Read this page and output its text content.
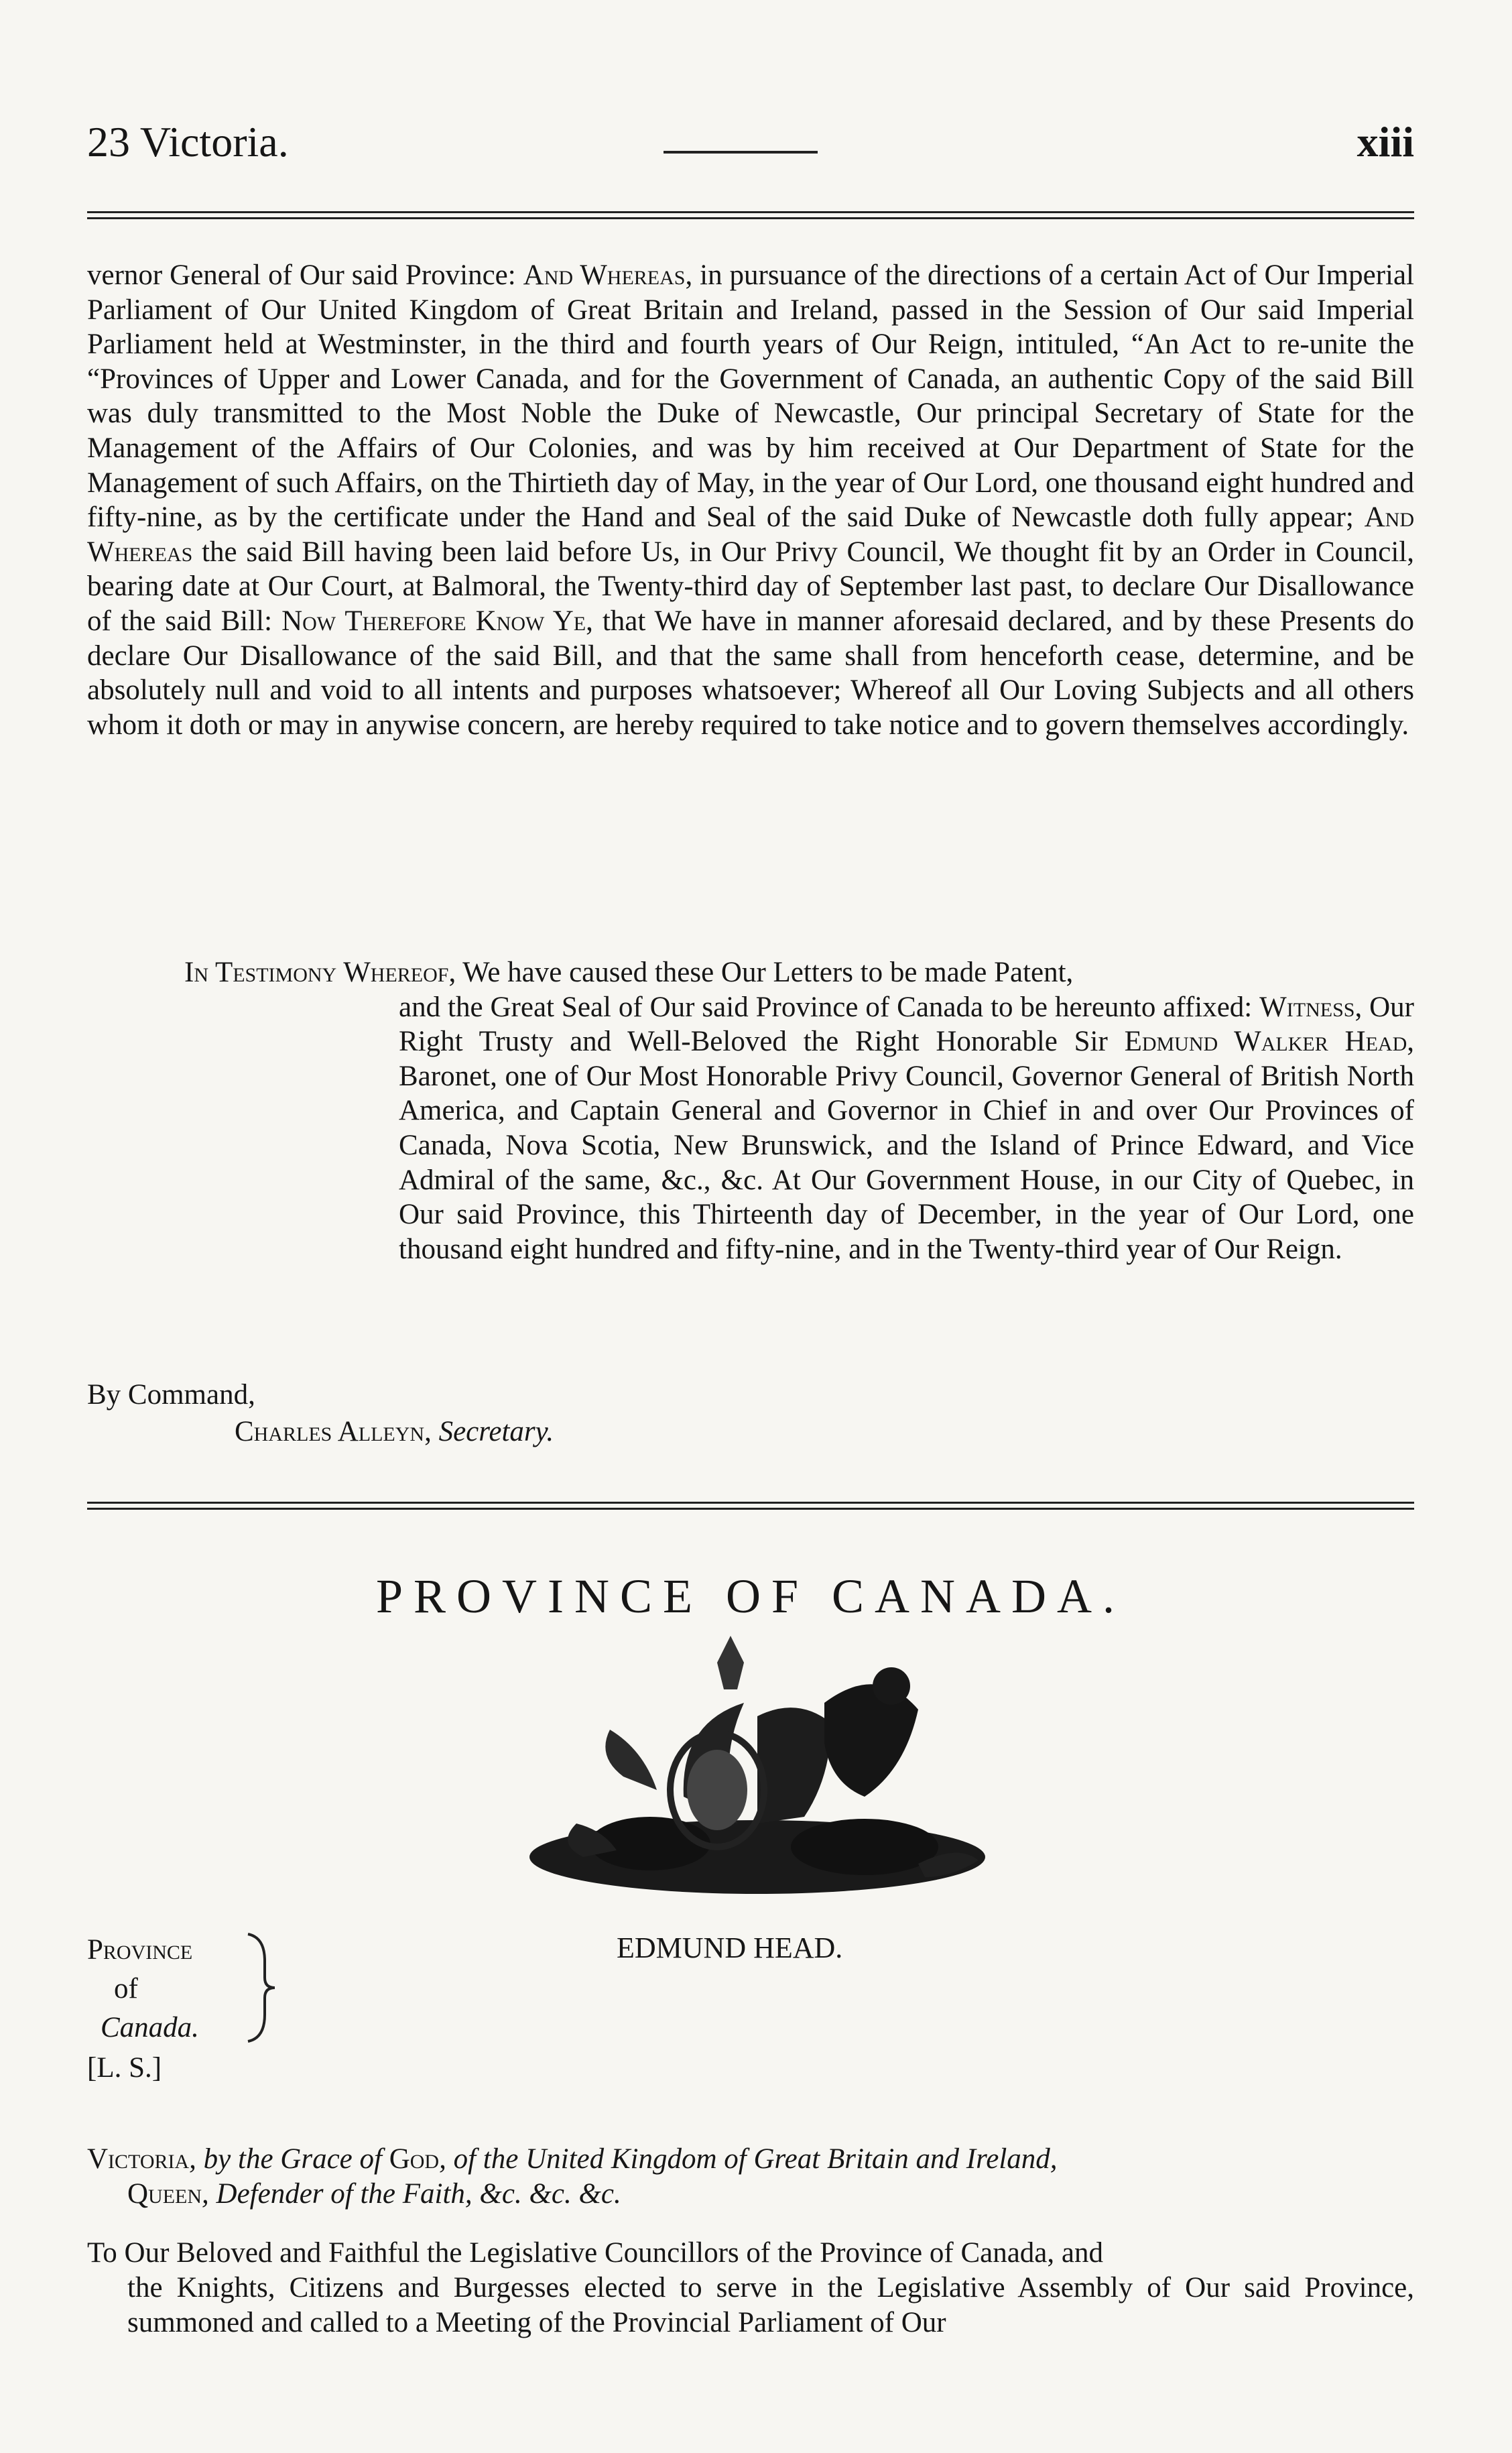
23 Victoria.	xiii

vernor General of Our said Province: And Whereas, in pursuance of the directions of a certain Act of Our Imperial Parliament of Our United Kingdom of Great Britain and Ireland, passed in the Session of Our said Imperial Parliament held at Westminster, in the third and fourth years of Our Reign, intituled, “An Act to re-unite the “Provinces of Upper and Lower Canada, and for the Government of Canada, an authentic Copy of the said Bill was duly transmitted to the Most Noble the Duke of Newcastle, Our principal Secretary of State for the Management of the Affairs of Our Colonies, and was by him received at Our Department of State for the Management of such Affairs, on the Thirtieth day of May, in the year of Our Lord, one thousand eight hundred and fifty-nine, as by the certificate under the Hand and Seal of the said Duke of Newcastle doth fully appear; And Whereas the said Bill having been laid before Us, in Our Privy Council, We thought fit by an Order in Council, bearing date at Our Court, at Balmoral, the Twenty-third day of September last past, to declare Our Disallowance of the said Bill: Now Therefore Know Ye, that We have in manner aforesaid declared, and by these Presents do declare Our Disallowance of the said Bill, and that the same shall from henceforth cease, determine, and be absolutely null and void to all intents and purposes whatsoever; Whereof all Our Loving Subjects and all others whom it doth or may in anywise concern, are hereby required to take notice and to govern themselves accordingly.

In Testimony Whereof, We have caused these Our Letters to be made Patent,
and the Great Seal of Our said Province of Canada to be hereunto affixed: Witness, Our Right Trusty and Well-Beloved the Right Honorable Sir Edmund Walker Head, Baronet, one of Our Most Honorable Privy Council, Governor General of British North America, and Captain General and Governor in Chief in and over Our Provinces of Canada, Nova Scotia, New Brunswick, and the Island of Prince Edward, and Vice Admiral of the same, &c., &c. At Our Government House, in our City of Quebec, in Our said Province, this Thirteenth day of December, in the year of Our Lord, one thousand eight hundred and fifty-nine, and in the Twenty-third year of Our Reign.

By Command,
Charles Alleyn, Secretary.
PROVINCE OF CANADA.
Province
of
Canada.
EDMUND HEAD.
[L. S.]

Victoria, by the Grace of God, of the United Kingdom of Great Britain and Ireland,
Queen, Defender of the Faith, &c. &c. &c.

To Our Beloved and Faithful the Legislative Councillors of the Province of Canada, and
the Knights, Citizens and Burgesses elected to serve in the Legislative Assembly of Our said Province, summoned and called to a Meeting of the Provincial Parliament of Our
